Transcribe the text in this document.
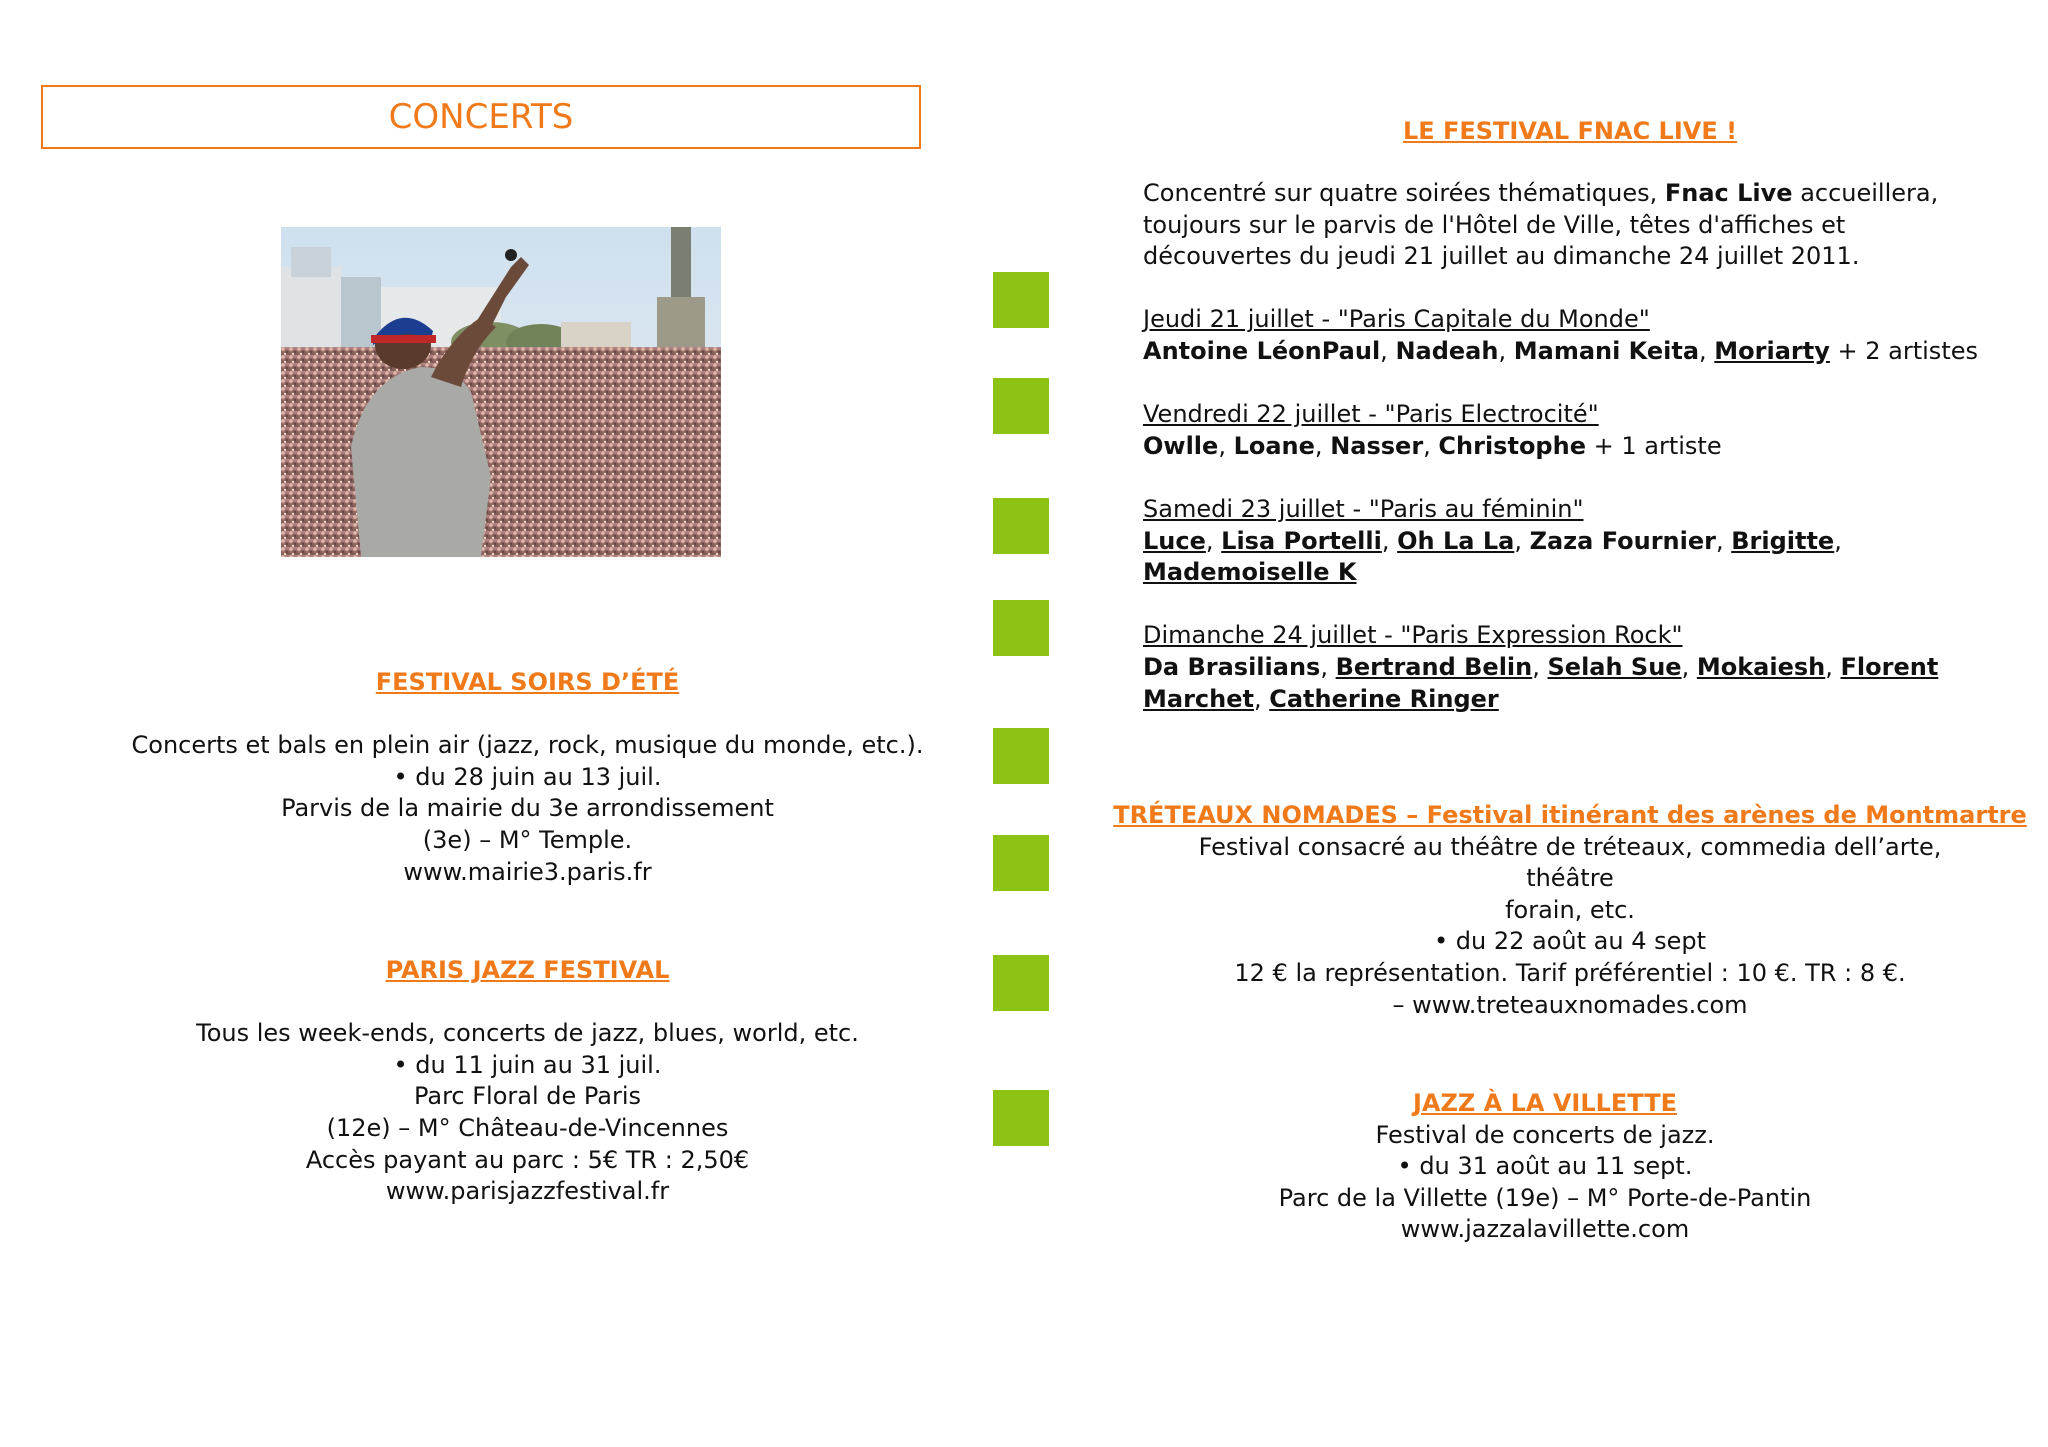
CONCERTS
FESTIVAL SOIRS D’ÉTÉ

Concerts et bals en plein air (jazz, rock, musique du monde, etc.).
• du 28 juin au 13 juil.
Parvis de la mairie du 3e arrondissement
(3e) – M° Temple.
www.mairie3.paris.fr
PARIS JAZZ FESTIVAL

Tous les week-ends, concerts de jazz, blues, world, etc.
• du 11 juin au 31 juil.
Parc Floral de Paris
(12e) – M° Château-de-Vincennes
Accès payant au parc : 5€ TR : 2,50€
www.parisjazzfestival.fr
LE FESTIVAL FNAC LIVE !
Concentré sur quatre soirées thématiques, Fnac Live accueillera,
toujours sur le parvis de l'Hôtel de Ville, têtes d'affiches et
découvertes du jeudi 21 juillet au dimanche 24 juillet 2011.
Jeudi 21 juillet - "Paris Capitale du Monde"
Antoine LéonPaul, Nadeah, Mamani Keita, Moriarty + 2 artistes
Vendredi 22 juillet - "Paris Electrocité"
Owlle, Loane, Nasser, Christophe + 1 artiste
Samedi 23 juillet - "Paris au féminin"
Luce, Lisa Portelli, Oh La La, Zaza Fournier, Brigitte,
Mademoiselle K
Dimanche 24 juillet - "Paris Expression Rock"
Da Brasilians, Bertrand Belin, Selah Sue, Mokaiesh, Florent
Marchet, Catherine Ringer
TRÉTEAUX NOMADES – Festival itinérant des arènes de Montmartre
Festival consacré au théâtre de tréteaux, commedia dell’arte,
théâtre
forain, etc.
• du 22 août au 4 sept
12 € la représentation. Tarif préférentiel : 10 €. TR : 8 €.
– www.treteauxnomades.com
JAZZ À LA VILLETTE
Festival de concerts de jazz.
• du 31 août au 11 sept.
Parc de la Villette (19e) – M° Porte-de-Pantin
www.jazzalavillette.com
